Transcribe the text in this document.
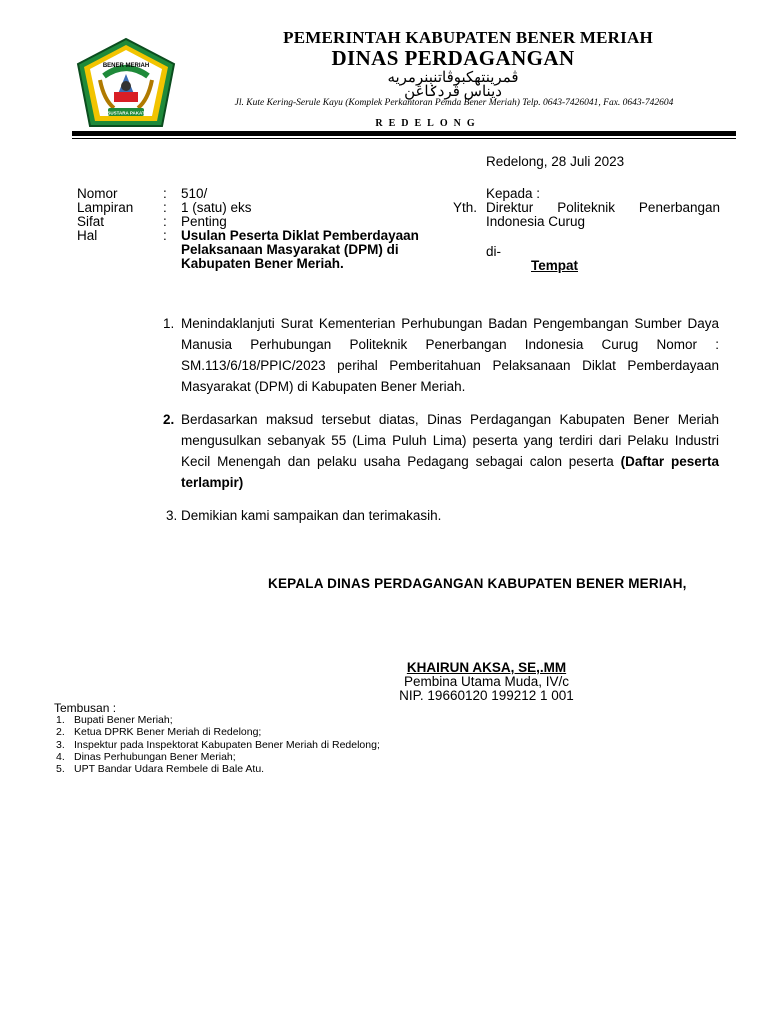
BENER MERIAH
SUSTARA PAKAT
PEMERINTAH KABUPATEN BENER MERIAH
DINAS PERDAGANGAN
ڤمرينتهكبوڤاتنبنرمريه
ديناس ڤردݢاڠن
Jl. Kute Kering-Serule Kayu (Komplek Perkantoran Pemda Bener Meriah) Telp. 0643-7426041, Fax. 0643-742604
REDELONG
Redelong, 28 Juli 2023
Nomor	:	510/
Lampiran	:	1 (satu) eks
Sifat	:	Penting
Hal	:	Usulan Peserta Diklat Pemberdayaan Pelaksanaan Masyarakat (DPM) di Kabupaten Bener Meriah.
Kepada :
Direktur Politeknik Penerbangan
Indonesia Curug
Yth.
di-
Tempat
1. Menindaklanjuti Surat Kementerian Perhubungan Badan Pengembangan Sumber Daya Manusia Perhubungan Politeknik Penerbangan Indonesia Curug Nomor : SM.113/6/18/PPIC/2023 perihal Pemberitahuan Pelaksanaan Diklat Pemberdayaan Masyarakat (DPM) di Kabupaten Bener Meriah.
2. Berdasarkan maksud tersebut diatas, Dinas Perdagangan Kabupaten Bener Meriah mengusulkan sebanyak 55 (Lima Puluh Lima) peserta yang terdiri dari Pelaku Industri Kecil Menengah dan pelaku usaha Pedagang sebagai calon peserta (Daftar peserta terlampir)
3. Demikian kami sampaikan dan terimakasih.
KEPALA DINAS PERDAGANGAN KABUPATEN BENER MERIAH,
KHAIRUN AKSA, SE,.MM
Pembina Utama Muda, IV/c
NIP. 19660120 199212 1 001
Tembusan :
1. Bupati Bener Meriah;
2. Ketua DPRK Bener Meriah di Redelong;
3. Inspektur pada Inspektorat Kabupaten Bener Meriah di Redelong;
4. Dinas Perhubungan Bener Meriah;
5. UPT Bandar Udara Rembele di Bale Atu.
